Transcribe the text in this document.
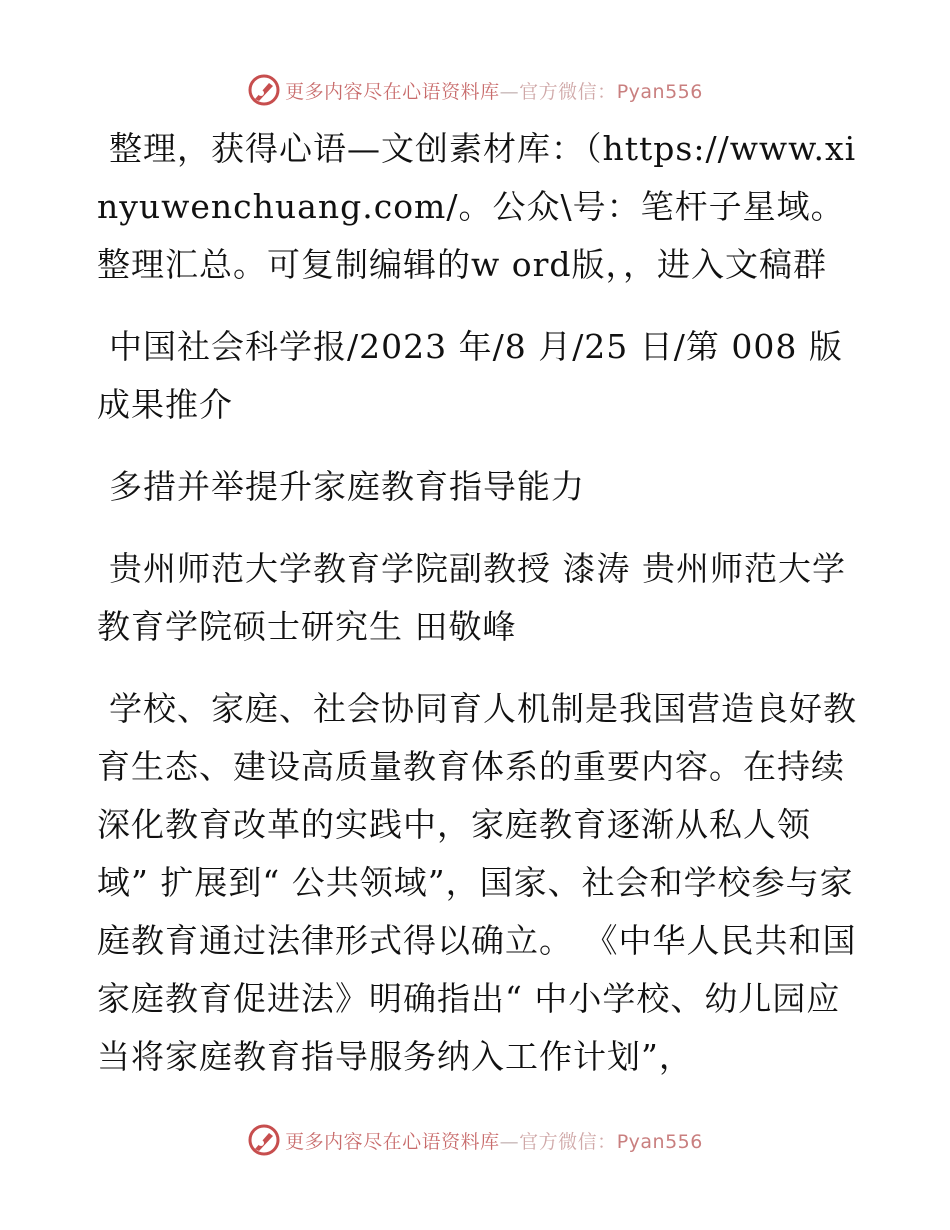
更多内容尽在心语资料库—官方微信：Pyan556

整理，获得心语—文创素材库：（https://www.xinyuwenchuang.com/。公众\号：笔杆子星域。整理汇总。可复制编辑的w ord版，，进入文稿群

中国社会科学报/2023 年/8 月/25 日/第 008 版成果推介

多措并举提升家庭教育指导能力

贵州师范大学教育学院副教授 漆涛 贵州师范大学教育学院硕士研究生 田敬峰

学校、家庭、社会协同育人机制是我国营造良好教育生态、建设高质量教育体系的重要内容。在持续深化教育改革的实践中，家庭教育逐渐从私人领域” 扩展到“ 公共领域”，国家、社会和学校参与家庭教育通过法律形式得以确立。 《中华人民共和国家庭教育促进法》明确指出“ 中小学校、幼儿园应当将家庭教育指导服务纳入工作计划”，

更多内容尽在心语资料库—官方微信：Pyan556
